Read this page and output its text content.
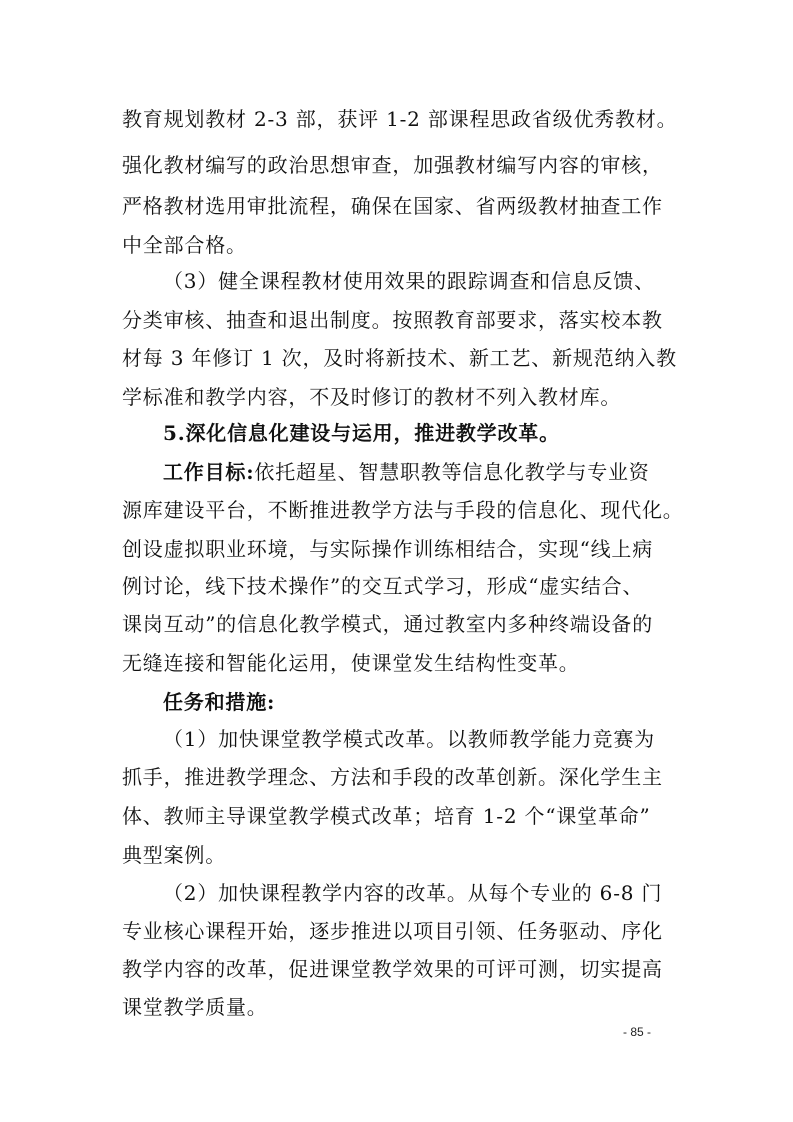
教育规划教材 2-3 部，获评 1-2 部课程思政省级优秀教材。
强化教材编写的政治思想审查，加强教材编写内容的审核，
严格教材选用审批流程，确保在国家、省两级教材抽查工作
中全部合格。
（3）健全课程教材使用效果的跟踪调查和信息反馈、
分类审核、抽查和退出制度。按照教育部要求，落实校本教
材每 3 年修订 1 次，及时将新技术、新工艺、新规范纳入教
学标准和教学内容，不及时修订的教材不列入教材库。
5.深化信息化建设与运用，推进教学改革。
工作目标:依托超星、智慧职教等信息化教学与专业资
源库建设平台，不断推进教学方法与手段的信息化、现代化。
创设虚拟职业环境，与实际操作训练相结合，实现“线上病
例讨论，线下技术操作”的交互式学习，形成“虚实结合、
课岗互动”的信息化教学模式，通过教室内多种终端设备的
无缝连接和智能化运用，使课堂发生结构性变革。
任务和措施:
（1）加快课堂教学模式改革。以教师教学能力竞赛为
抓手，推进教学理念、方法和手段的改革创新。深化学生主
体、教师主导课堂教学模式改革；培育 1-2 个“课堂革命”
典型案例。
（2）加快课程教学内容的改革。从每个专业的 6-8 门
专业核心课程开始，逐步推进以项目引领、任务驱动、序化
教学内容的改革，促进课堂教学效果的可评可测，切实提高
课堂教学质量。
- 85 -
